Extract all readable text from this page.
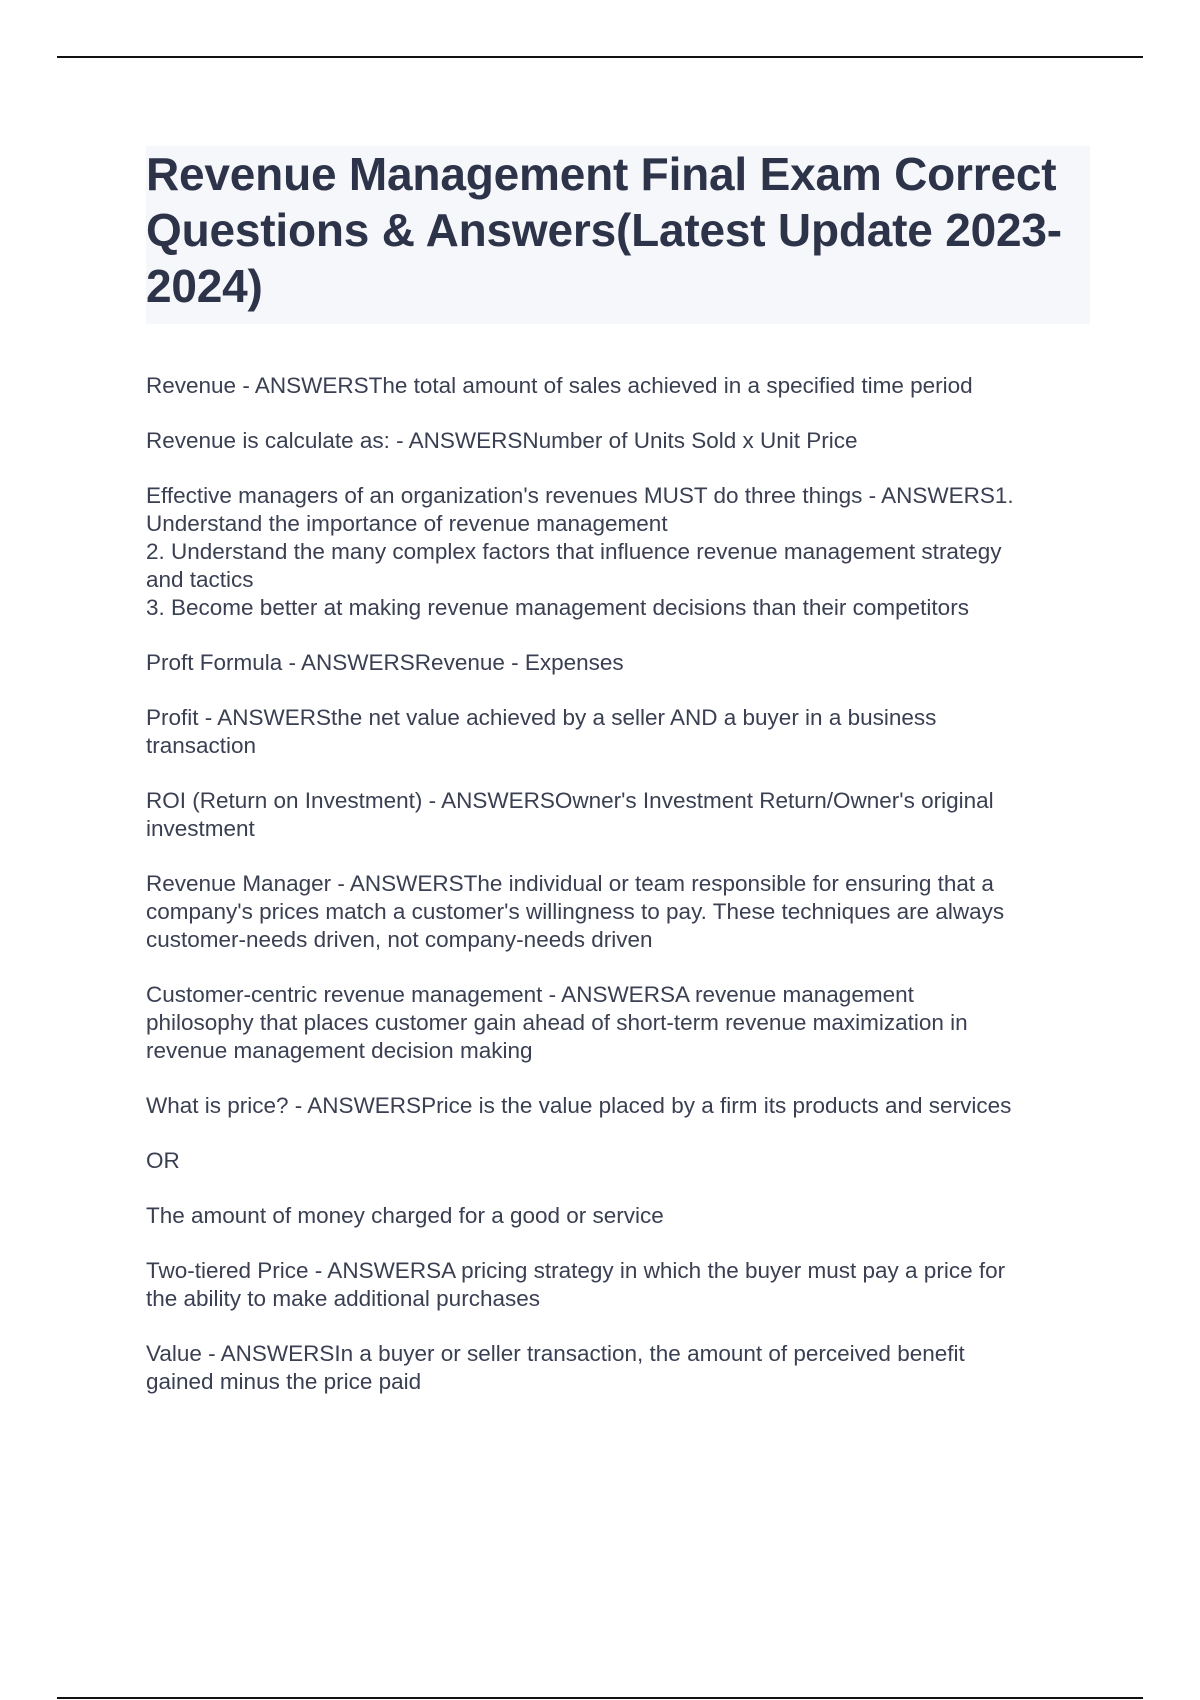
Revenue Management Final Exam Correct Questions & Answers(Latest Update 2023-2024)

Revenue - ANSWERSThe total amount of sales achieved in a specified time period

Revenue is calculate as: - ANSWERSNumber of Units Sold x Unit Price

Effective managers of an organization's revenues MUST do three things - ANSWERS1.
Understand the importance of revenue management
2. Understand the many complex factors that influence revenue management strategy
and tactics
3. Become better at making revenue management decisions than their competitors

Proft Formula - ANSWERSRevenue - Expenses

Profit - ANSWERSthe net value achieved by a seller AND a buyer in a business
transaction

ROI (Return on Investment) - ANSWERSOwner's Investment Return/Owner's original
investment

Revenue Manager - ANSWERSThe individual or team responsible for ensuring that a
company's prices match a customer's willingness to pay. These techniques are always
customer-needs driven, not company-needs driven

Customer-centric revenue management - ANSWERSA revenue management
philosophy that places customer gain ahead of short-term revenue maximization in
revenue management decision making

What is price? - ANSWERSPrice is the value placed by a firm its products and services

OR

The amount of money charged for a good or service

Two-tiered Price - ANSWERSA pricing strategy in which the buyer must pay a price for
the ability to make additional purchases

Value - ANSWERSIn a buyer or seller transaction, the amount of perceived benefit
gained minus the price paid
